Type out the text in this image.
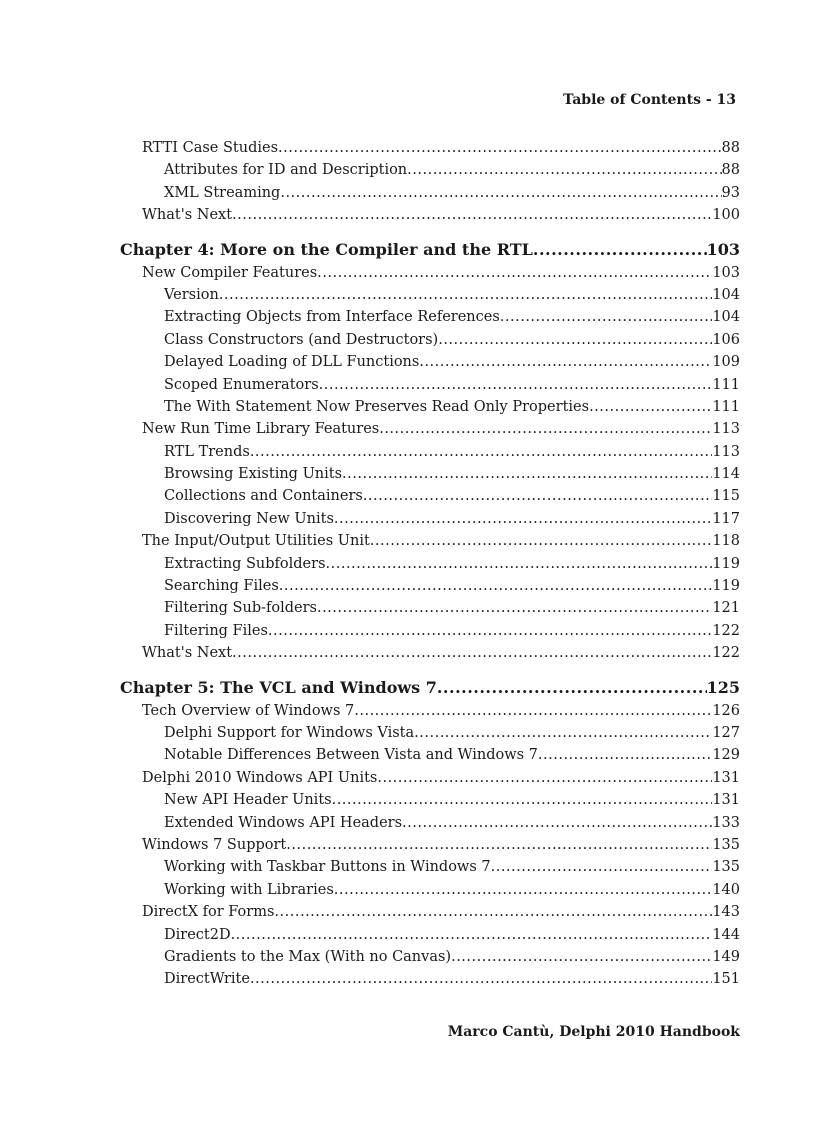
Table of Contents - 13
RTTI Case Studies .....	88
Attributes for ID and Description .....	88
XML Streaming .....	93
What's Next .....	100
Chapter 4: More on the Compiler and the RTL .....	103
New Compiler Features .....	103
Version .....	104
Extracting Objects from Interface References .....	104
Class Constructors (and Destructors) .....	106
Delayed Loading of DLL Functions .....	109
Scoped Enumerators .....	111
The With Statement Now Preserves Read Only Properties .....	111
New Run Time Library Features .....	113
RTL Trends .....	113
Browsing Existing Units .....	114
Collections and Containers .....	115
Discovering New Units .....	117
The Input/Output Utilities Unit .....	118
Extracting Subfolders .....	119
Searching Files .....	119
Filtering Sub-folders .....	121
Filtering Files .....	122
What's Next .....	122
Chapter 5: The VCL and Windows 7 .....	125
Tech Overview of Windows 7 .....	126
Delphi Support for Windows Vista .....	127
Notable Differences Between Vista and Windows 7 .....	129
Delphi 2010 Windows API Units .....	131
New API Header Units .....	131
Extended Windows API Headers .....	133
Windows 7 Support .....	135
Working with Taskbar Buttons in Windows 7 .....	135
Working with Libraries .....	140
DirectX for Forms .....	143
Direct2D .....	144
Gradients to the Max (With no Canvas) .....	149
DirectWrite .....	151
Marco Cantù, Delphi 2010 Handbook
